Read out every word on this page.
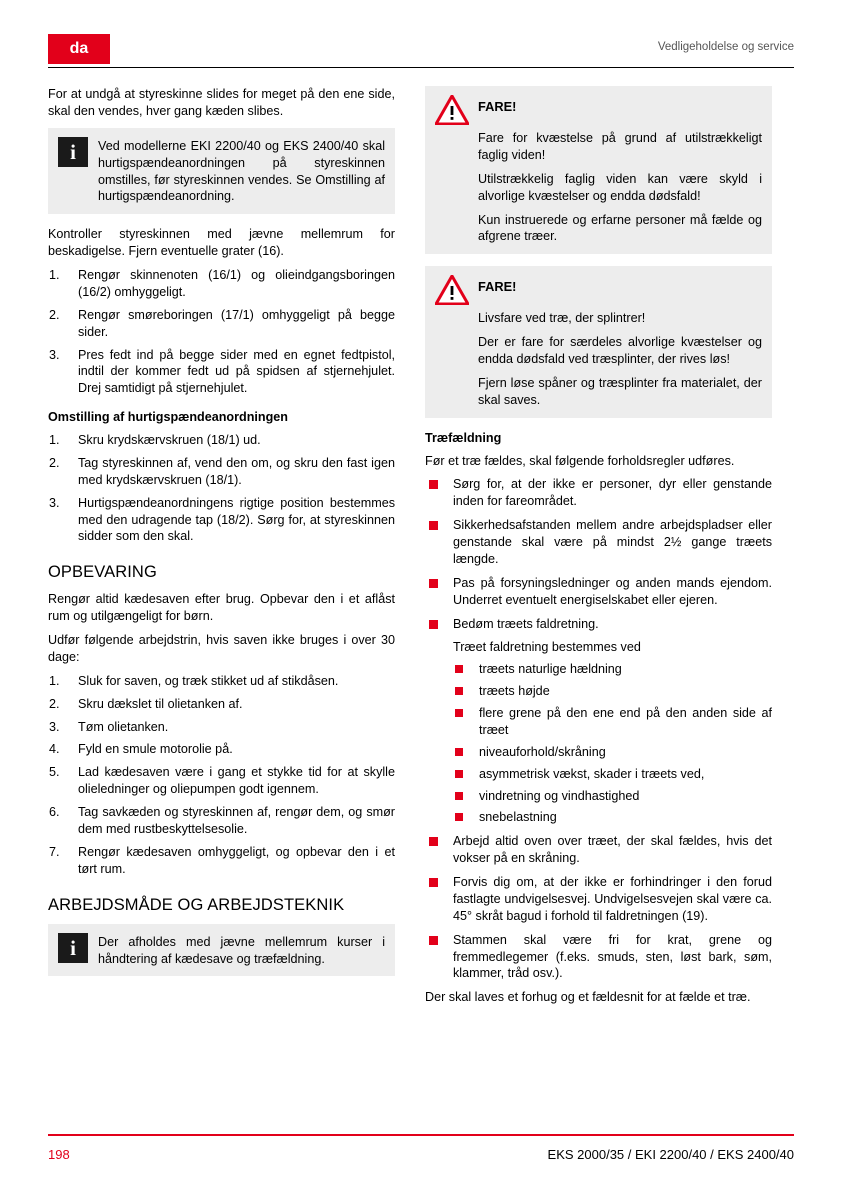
da	Vedligeholdelse og service

For at undgå at styreskinne slides for meget på den ene side, skal den vendes, hver gang kæden slibes.

i	Ved modellerne EKI 2200/40 og EKS 2400/40 skal hurtigspændeanordningen på styreskinnen omstilles, før styreskinnen vendes. Se Omstilling af hurtigspændeanordning.

Kontroller styreskinnen med jævne mellemrum for beskadigelse. Fjern eventuelle grater (16).

Rengør skinnenoten (16/1) og olieindgangsboringen (16/2) omhyggeligt.
Rengør smøreboringen (17/1) omhyggeligt på begge sider.
Pres fedt ind på begge sider med en egnet fedtpistol, indtil der kommer fedt ud på spidsen af stjernehjulet. Drej samtidigt på stjernehjulet.
Omstilling af hurtigspændeanordningen
Skru krydskærvskruen (18/1) ud.
Tag styreskinnen af, vend den om, og skru den fast igen med krydskærvskruen (18/1).
Hurtigspændeanordningens rigtige position bestemmes med den udragende tap (18/2). Sørg for, at styreskinnen sidder som den skal.
OPBEVARING

Rengør altid kædesaven efter brug. Opbevar den i et aflåst rum og utilgængeligt for børn.

Udfør følgende arbejdstrin, hvis saven ikke bruges i over 30 dage:

Sluk for saven, og træk stikket ud af stikdåsen.
Skru dækslet til olietanken af.
Tøm olietanken.
Fyld en smule motorolie på.
Lad kædesaven være i gang et stykke tid for at skylle olieledninger og oliepumpen godt igennem.
Tag savkæden og styreskinnen af, rengør dem, og smør dem med rustbeskyttelsesolie.
Rengør kædesaven omhyggeligt, og opbevar den i et tørt rum.
ARBEJDSMÅDE OG ARBEJDSTEKNIK
i	Der afholdes med jævne mellemrum kurser i håndtering af kædesave og træfældning.
FARE!

Fare for kvæstelse på grund af utilstrækkeligt faglig viden!

Utilstrækkelig faglig viden kan være skyld i alvorlige kvæstelser og endda dødsfald!

Kun instruerede og erfarne personer må fælde og afgrene træer.

FARE!

Livsfare ved træ, der splintrer!

Der er fare for særdeles alvorlige kvæstelser og endda dødsfald ved træsplinter, der rives løs!

Fjern løse spåner og træsplinter fra materialet, der skal saves.

Træfældning

Før et træ fældes, skal følgende forholdsregler udføres.

Sørg for, at der ikke er personer, dyr eller genstande inden for fareområdet.
Sikkerhedsafstanden mellem andre arbejdspladser eller genstande skal være på mindst 2½ gange træets længde.
Pas på forsyningsledninger og anden mands ejendom. Underret eventuelt energiselskabet eller ejeren.
Bedøm træets faldretning.
Træet faldretning bestemmes ved
træets naturlige hældning
træets højde
flere grene på den ene end på den anden side af træet
niveauforhold/skråning
asymmetrisk vækst, skader i træets ved,
vindretning og vindhastighed
snebelastning
Arbejd altid oven over træet, der skal fældes, hvis det vokser på en skråning.
Forvis dig om, at der ikke er forhindringer i den forud fastlagte undvigelsesvej. Undvigelsesvejen skal være ca. 45° skråt bagud i forhold til faldretningen (19).
Stammen skal være fri for krat, grene og fremmedlegemer (f.eks. smuds, sten, løst bark, søm, klammer, tråd osv.).

Der skal laves et forhug og et fældesnit for at fælde et træ.

198	EKS 2000/35 / EKI 2200/40 / EKS 2400/40
